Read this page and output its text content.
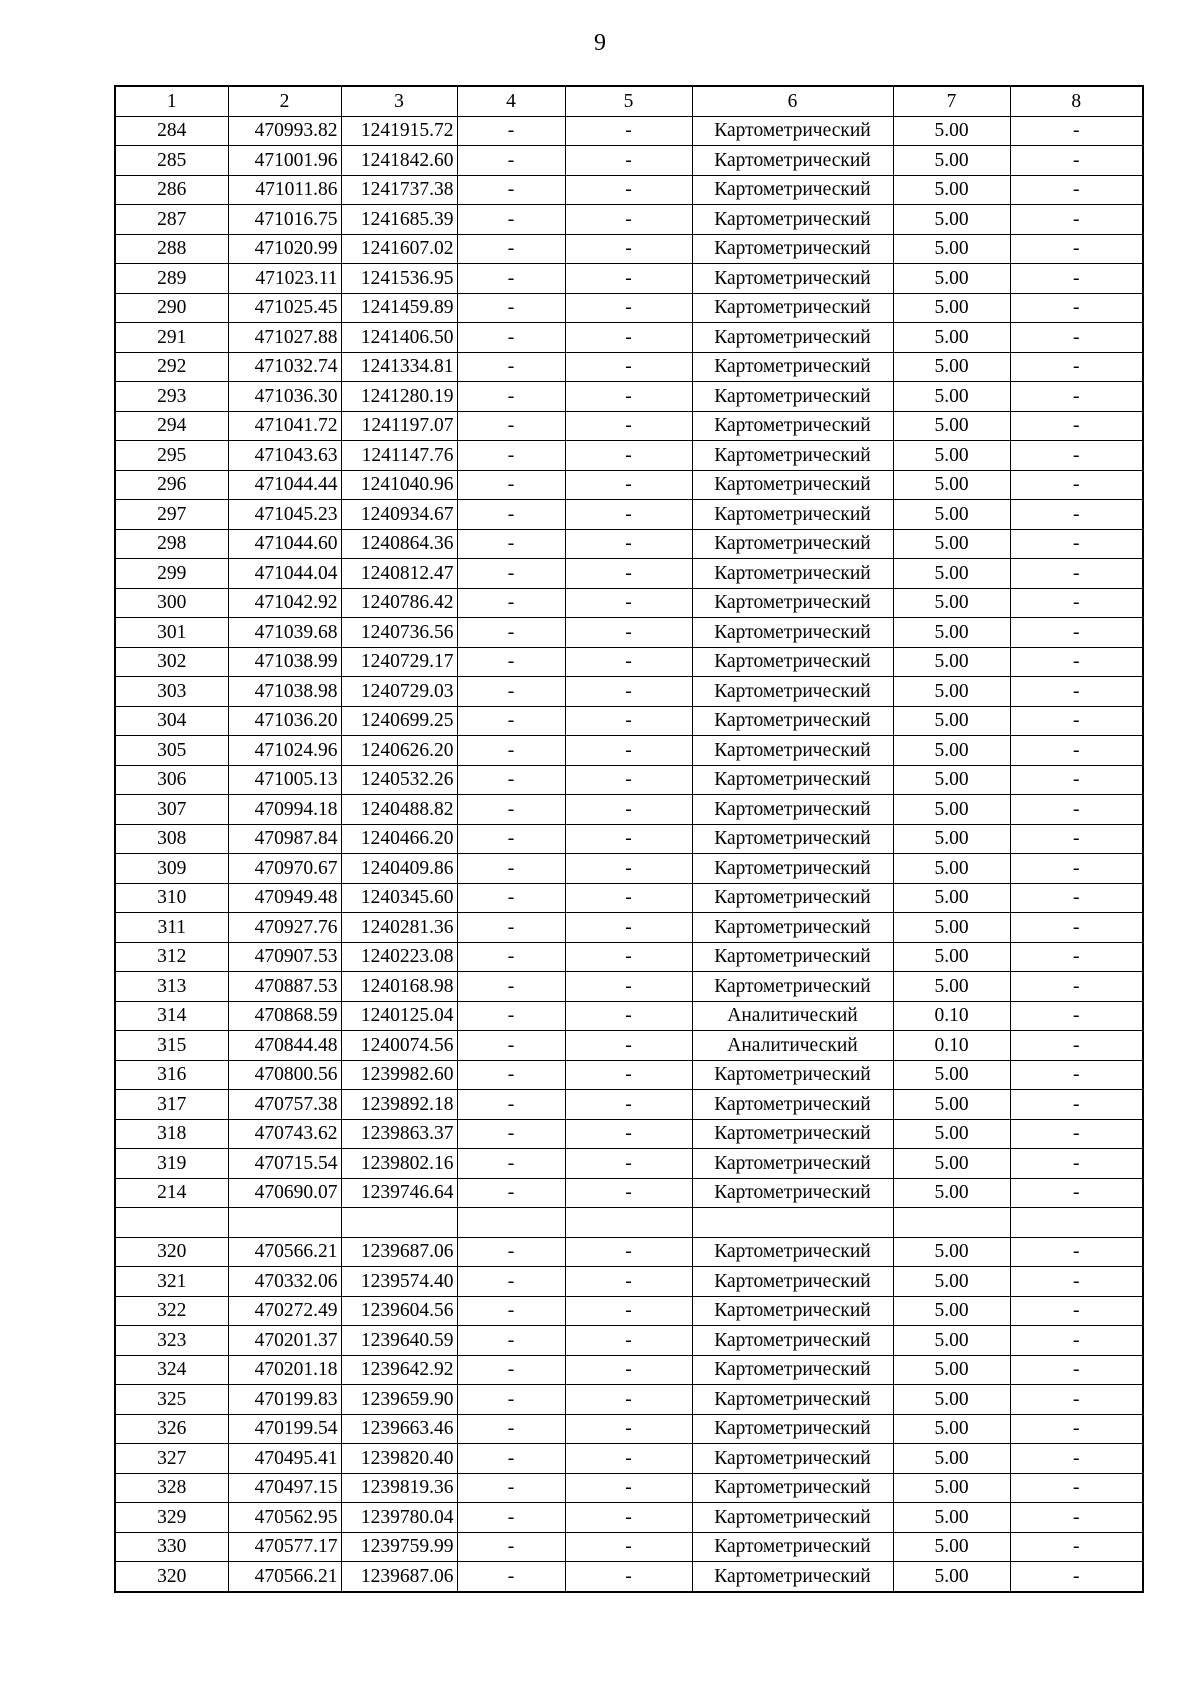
9
1	2	3	4	5	6	7	8
284	470993.82	1241915.72	-	-	Картометрический	5.00	-
285	471001.96	1241842.60	-	-	Картометрический	5.00	-
286	471011.86	1241737.38	-	-	Картометрический	5.00	-
287	471016.75	1241685.39	-	-	Картометрический	5.00	-
288	471020.99	1241607.02	-	-	Картометрический	5.00	-
289	471023.11	1241536.95	-	-	Картометрический	5.00	-
290	471025.45	1241459.89	-	-	Картометрический	5.00	-
291	471027.88	1241406.50	-	-	Картометрический	5.00	-
292	471032.74	1241334.81	-	-	Картометрический	5.00	-
293	471036.30	1241280.19	-	-	Картометрический	5.00	-
294	471041.72	1241197.07	-	-	Картометрический	5.00	-
295	471043.63	1241147.76	-	-	Картометрический	5.00	-
296	471044.44	1241040.96	-	-	Картометрический	5.00	-
297	471045.23	1240934.67	-	-	Картометрический	5.00	-
298	471044.60	1240864.36	-	-	Картометрический	5.00	-
299	471044.04	1240812.47	-	-	Картометрический	5.00	-
300	471042.92	1240786.42	-	-	Картометрический	5.00	-
301	471039.68	1240736.56	-	-	Картометрический	5.00	-
302	471038.99	1240729.17	-	-	Картометрический	5.00	-
303	471038.98	1240729.03	-	-	Картометрический	5.00	-
304	471036.20	1240699.25	-	-	Картометрический	5.00	-
305	471024.96	1240626.20	-	-	Картометрический	5.00	-
306	471005.13	1240532.26	-	-	Картометрический	5.00	-
307	470994.18	1240488.82	-	-	Картометрический	5.00	-
308	470987.84	1240466.20	-	-	Картометрический	5.00	-
309	470970.67	1240409.86	-	-	Картометрический	5.00	-
310	470949.48	1240345.60	-	-	Картометрический	5.00	-
311	470927.76	1240281.36	-	-	Картометрический	5.00	-
312	470907.53	1240223.08	-	-	Картометрический	5.00	-
313	470887.53	1240168.98	-	-	Картометрический	5.00	-
314	470868.59	1240125.04	-	-	Аналитический	0.10	-
315	470844.48	1240074.56	-	-	Аналитический	0.10	-
316	470800.56	1239982.60	-	-	Картометрический	5.00	-
317	470757.38	1239892.18	-	-	Картометрический	5.00	-
318	470743.62	1239863.37	-	-	Картометрический	5.00	-
319	470715.54	1239802.16	-	-	Картометрический	5.00	-
214	470690.07	1239746.64	-	-	Картометрический	5.00	-

320	470566.21	1239687.06	-	-	Картометрический	5.00	-
321	470332.06	1239574.40	-	-	Картометрический	5.00	-
322	470272.49	1239604.56	-	-	Картометрический	5.00	-
323	470201.37	1239640.59	-	-	Картометрический	5.00	-
324	470201.18	1239642.92	-	-	Картометрический	5.00	-
325	470199.83	1239659.90	-	-	Картометрический	5.00	-
326	470199.54	1239663.46	-	-	Картометрический	5.00	-
327	470495.41	1239820.40	-	-	Картометрический	5.00	-
328	470497.15	1239819.36	-	-	Картометрический	5.00	-
329	470562.95	1239780.04	-	-	Картометрический	5.00	-
330	470577.17	1239759.99	-	-	Картометрический	5.00	-
320	470566.21	1239687.06	-	-	Картометрический	5.00	-
